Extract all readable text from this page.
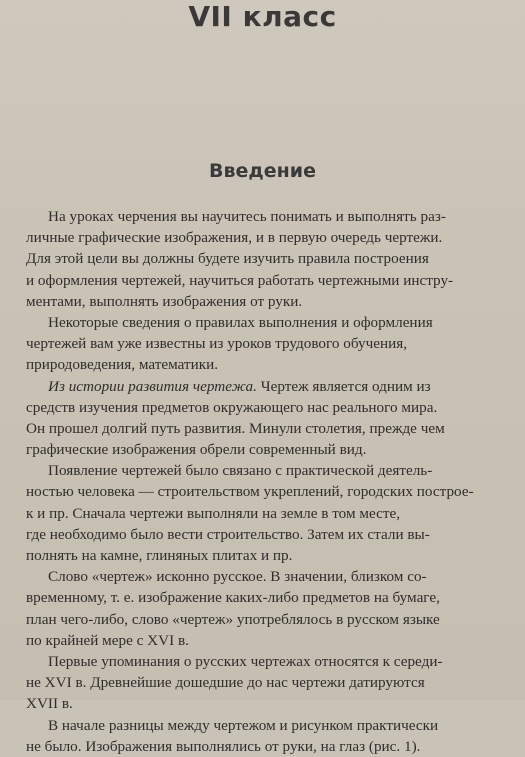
VII класс
Введение
На уроках черчения вы научитесь понимать и выполнять раз-
личные графические изображения, и в первую очередь чертежи.
Для этой цели вы должны будете изучить правила построения
и оформления чертежей, научиться работать чертежными инстру-
ментами, выполнять изображения от руки.
Некоторые сведения о правилах выполнения и оформления
чертежей вам уже известны из уроков трудового обучения,
природоведения, математики.
Из истории развития чертежа. Чертеж является одним из
средств изучения предметов окружающего нас реального мира.
Он прошел долгий путь развития. Минули столетия, прежде чем
графические изображения обрели современный вид.
Появление чертежей было связано с практической деятель-
ностью человека — строительством укреплений, городских построе-
к и пр. Сначала чертежи выполняли на земле в том месте,
где необходимо было вести строительство. Затем их стали вы-
полнять на камне, глиняных плитах и пр.
Слово «чертеж» исконно русское. В значении, близком со-
временному, т. е. изображение каких-либо предметов на бумаге,
план чего-либо, слово «чертеж» употреблялось в русском языке
по крайней мере с XVI в.
Первые упоминания о русских чертежах относятся к середи-
не XVI в. Древнейшие дошедшие до нас чертежи датируются
XVII в.
В начале разницы между чертежом и рисунком практически
не было. Изображения выполнялись от руки, на глаз (рис. 1).
